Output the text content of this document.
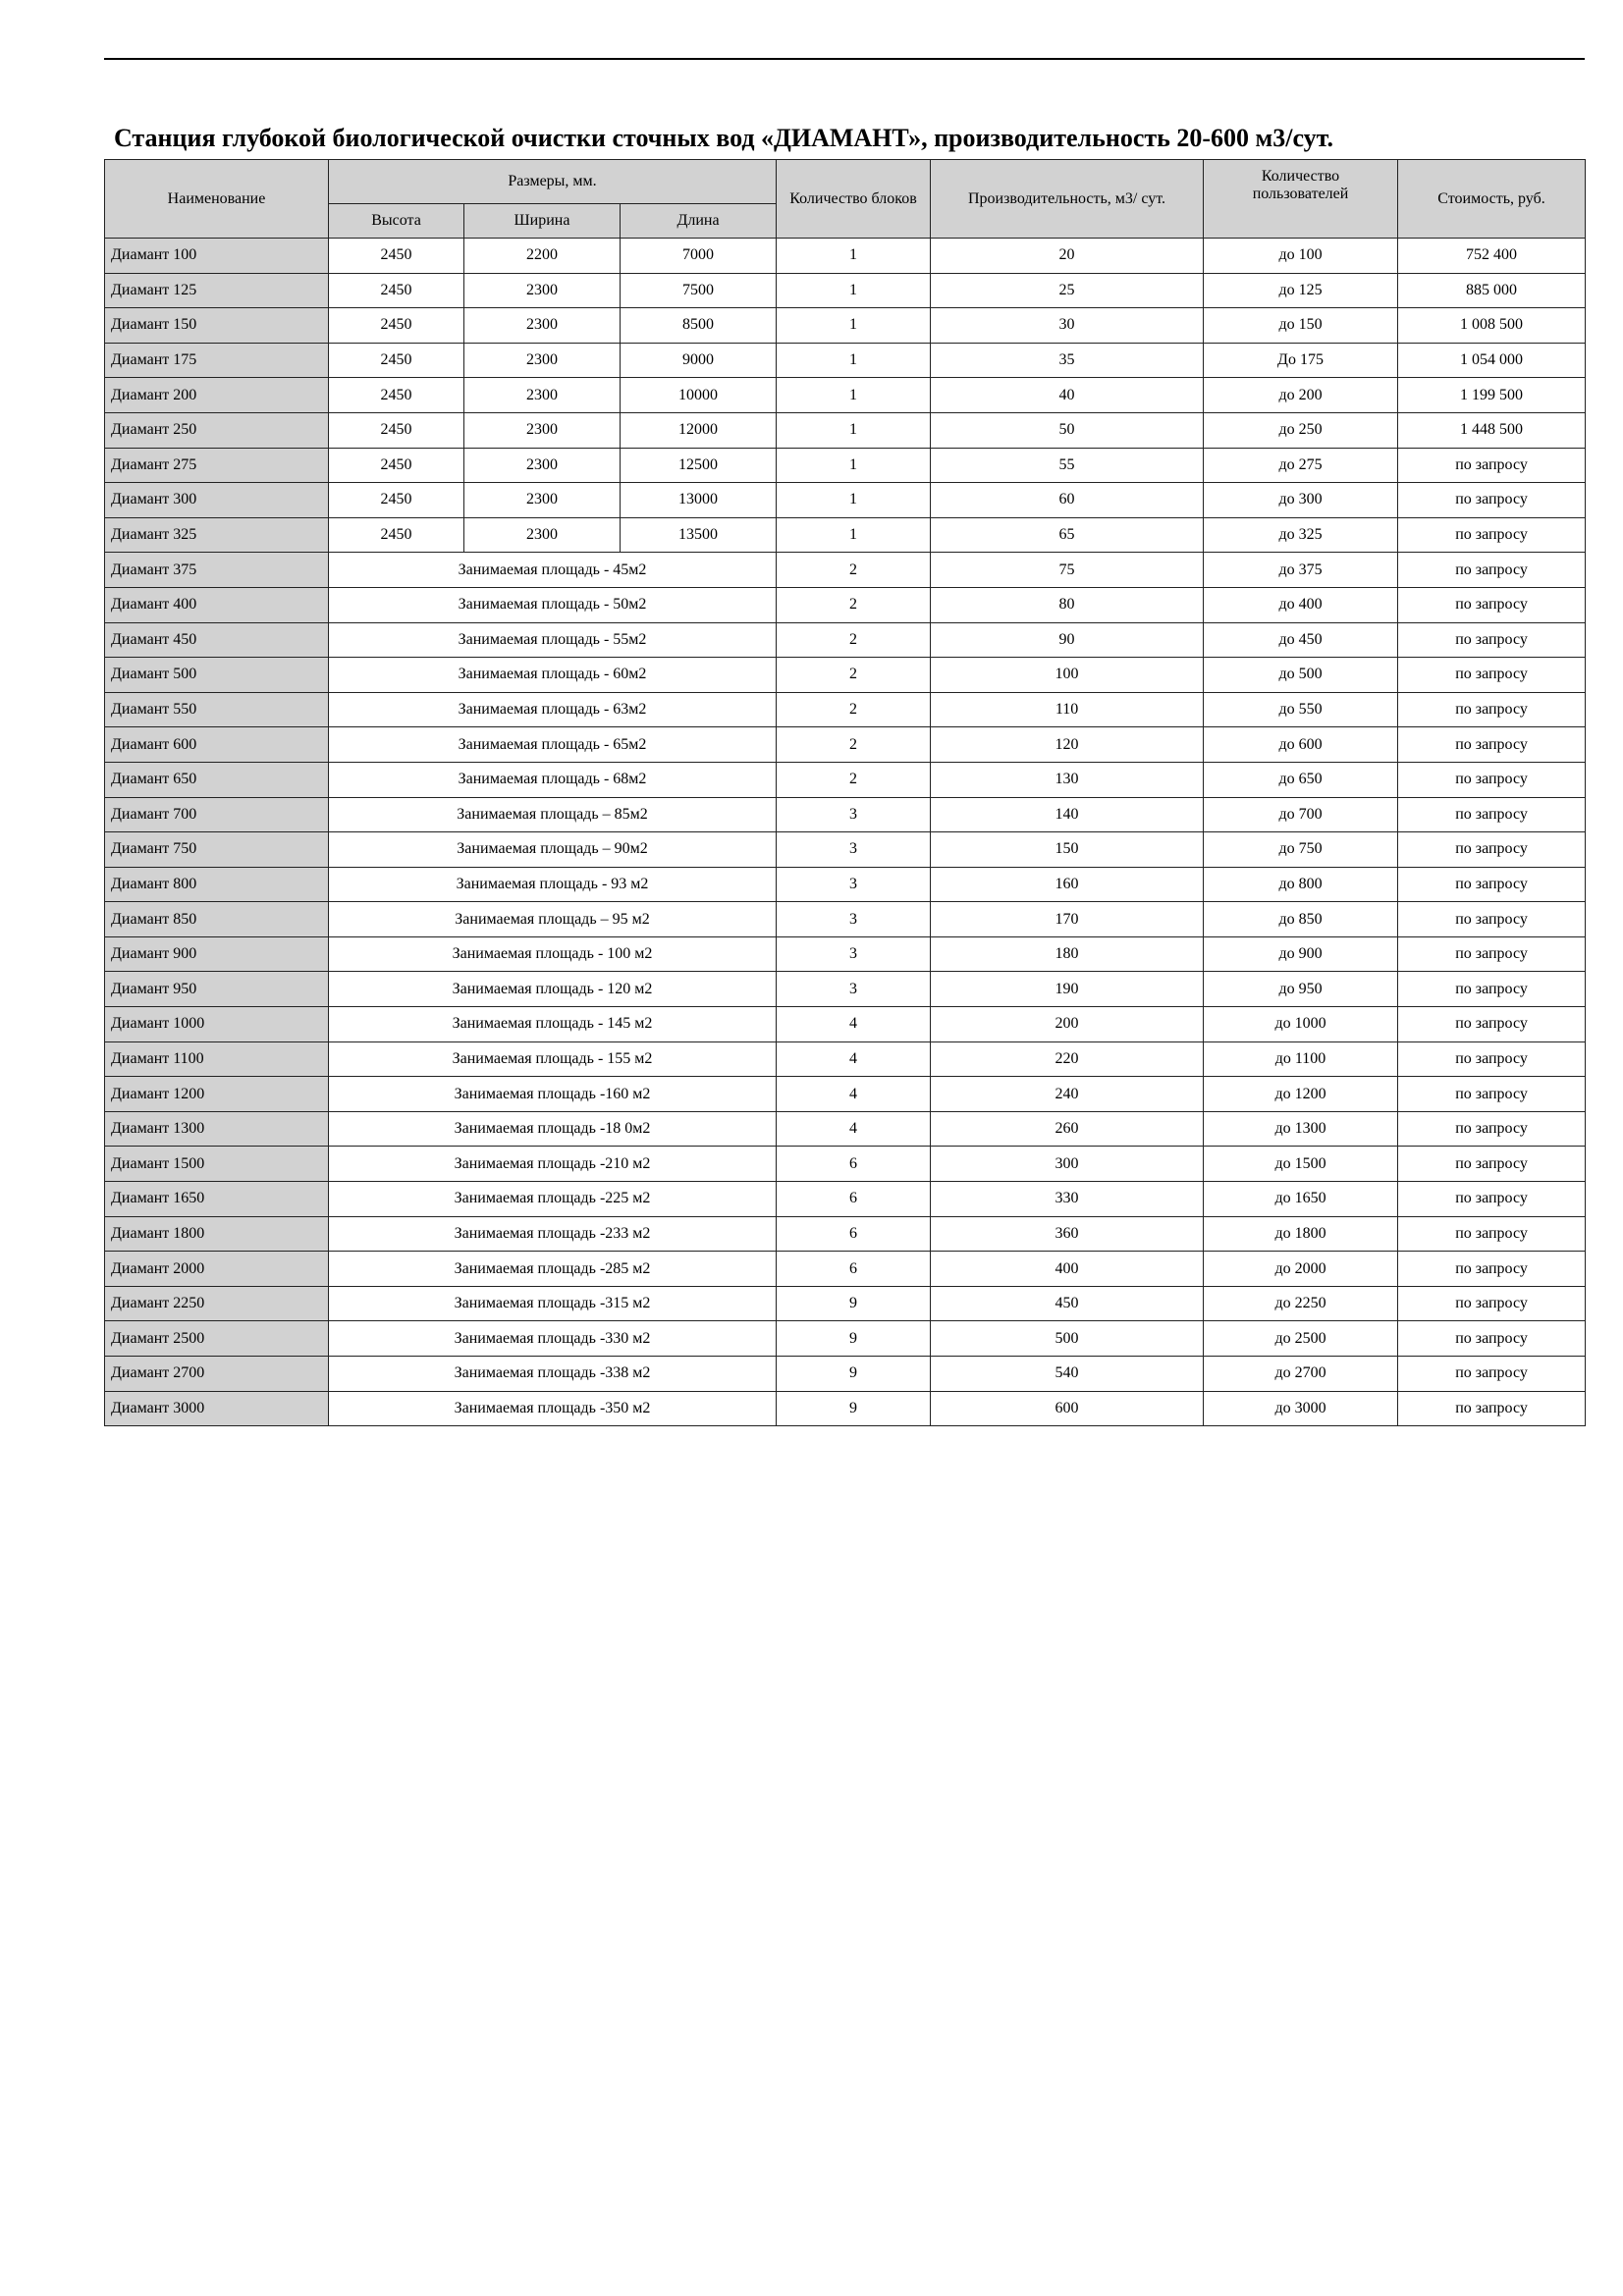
Станция глубокой биологической очистки сточных вод «ДИАМАНТ», производительность 20-600 м3/сут.
Наименование	Размеры, мм.			Количество блоков	Производительность, м3/ сут.	Количество пользователей	Стоимость, руб.
	Высота	Ширина	Длина				
Диамант 100	2450	2200	7000	1	20	до 100	752 400
Диамант 125	2450	2300	7500	1	25	до 125	885 000
Диамант 150	2450	2300	8500	1	30	до 150	1 008 500
Диамант 175	2450	2300	9000	1	35	До 175	1 054 000
Диамант 200	2450	2300	10000	1	40	до 200	1 199 500
Диамант 250	2450	2300	12000	1	50	до 250	1 448 500
Диамант 275	2450	2300	12500	1	55	до 275	по запросу
Диамант 300	2450	2300	13000	1	60	до 300	по запросу
Диамант 325	2450	2300	13500	1	65	до 325	по запросу
Диамант 375	Занимаемая площадь - 45м2			2	75	до 375	по запросу
Диамант 400	Занимаемая площадь - 50м2			2	80	до 400	по запросу
Диамант 450	Занимаемая площадь - 55м2			2	90	до 450	по запросу
Диамант 500	Занимаемая площадь - 60м2			2	100	до 500	по запросу
Диамант 550	Занимаемая площадь - 63м2			2	110	до 550	по запросу
Диамант 600	Занимаемая площадь - 65м2			2	120	до 600	по запросу
Диамант 650	Занимаемая площадь - 68м2			2	130	до 650	по запросу
Диамант 700	Занимаемая площадь – 85м2			3	140	до 700	по запросу
Диамант 750	Занимаемая площадь – 90м2			3	150	до 750	по запросу
Диамант 800	Занимаемая площадь - 93 м2			3	160	до 800	по запросу
Диамант 850	Занимаемая площадь – 95 м2			3	170	до 850	по запросу
Диамант 900	Занимаемая площадь - 100 м2			3	180	до 900	по запросу
Диамант 950	Занимаемая площадь - 120 м2			3	190	до 950	по запросу
Диамант 1000	Занимаемая площадь - 145 м2			4	200	до 1000	по запросу
Диамант 1100	Занимаемая площадь - 155 м2			4	220	до 1100	по запросу
Диамант 1200	Занимаемая площадь -160 м2			4	240	до 1200	по запросу
Диамант 1300	Занимаемая площадь -18 0м2			4	260	до 1300	по запросу
Диамант 1500	Занимаемая площадь -210 м2			6	300	до 1500	по запросу
Диамант 1650	Занимаемая площадь -225 м2			6	330	до 1650	по запросу
Диамант 1800	Занимаемая площадь -233 м2			6	360	до 1800	по запросу
Диамант 2000	Занимаемая площадь -285 м2			6	400	до 2000	по запросу
Диамант 2250	Занимаемая площадь -315 м2			9	450	до 2250	по запросу
Диамант 2500	Занимаемая площадь -330 м2			9	500	до 2500	по запросу
Диамант 2700	Занимаемая площадь -338 м2			9	540	до 2700	по запросу
Диамант 3000	Занимаемая площадь -350 м2			9	600	до 3000	по запросу
